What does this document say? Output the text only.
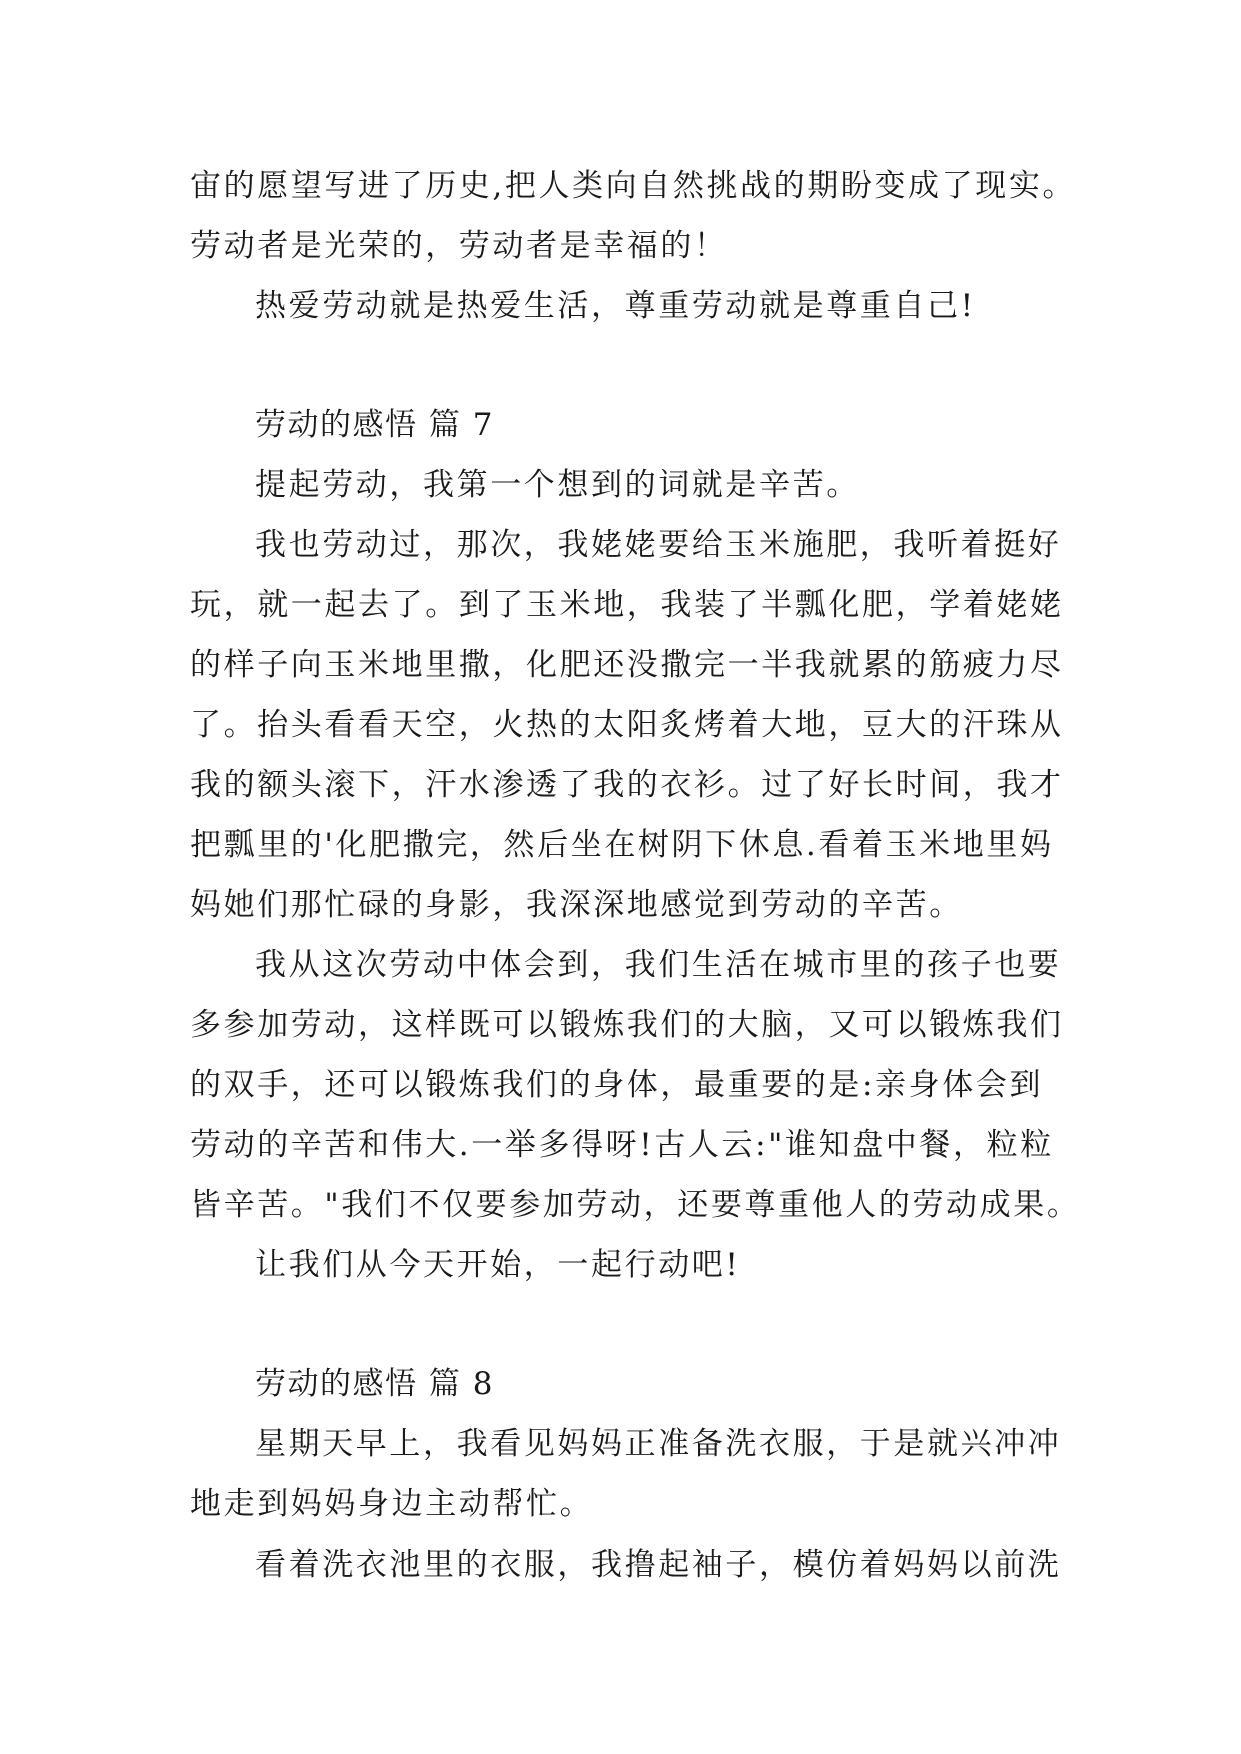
宙的愿望写进了历史,把人类向自然挑战的期盼变成了现实。
劳动者是光荣的，劳动者是幸福的！
热爱劳动就是热爱生活，尊重劳动就是尊重自己!
劳动的感悟 篇 7
提起劳动，我第一个想到的词就是辛苦。
我也劳动过，那次，我姥姥要给玉米施肥，我听着挺好
玩，就一起去了。到了玉米地，我装了半瓢化肥，学着姥姥
的样子向玉米地里撒，化肥还没撒完一半我就累的筋疲力尽
了。抬头看看天空，火热的太阳炙烤着大地，豆大的汗珠从
我的额头滚下，汗水渗透了我的衣衫。过了好长时间，我才
把瓢里的'化肥撒完，然后坐在树阴下休息.看着玉米地里妈
妈她们那忙碌的身影，我深深地感觉到劳动的辛苦。
我从这次劳动中体会到，我们生活在城市里的孩子也要
多参加劳动，这样既可以锻炼我们的大脑，又可以锻炼我们
的双手，还可以锻炼我们的身体，最重要的是:亲身体会到
劳动的辛苦和伟大.一举多得呀!古人云:"谁知盘中餐，粒粒
皆辛苦。"我们不仅要参加劳动，还要尊重他人的劳动成果。
让我们从今天开始，一起行动吧!
劳动的感悟 篇 8
星期天早上，我看见妈妈正准备洗衣服，于是就兴冲冲
地走到妈妈身边主动帮忙。
看着洗衣池里的衣服，我撸起袖子，模仿着妈妈以前洗
